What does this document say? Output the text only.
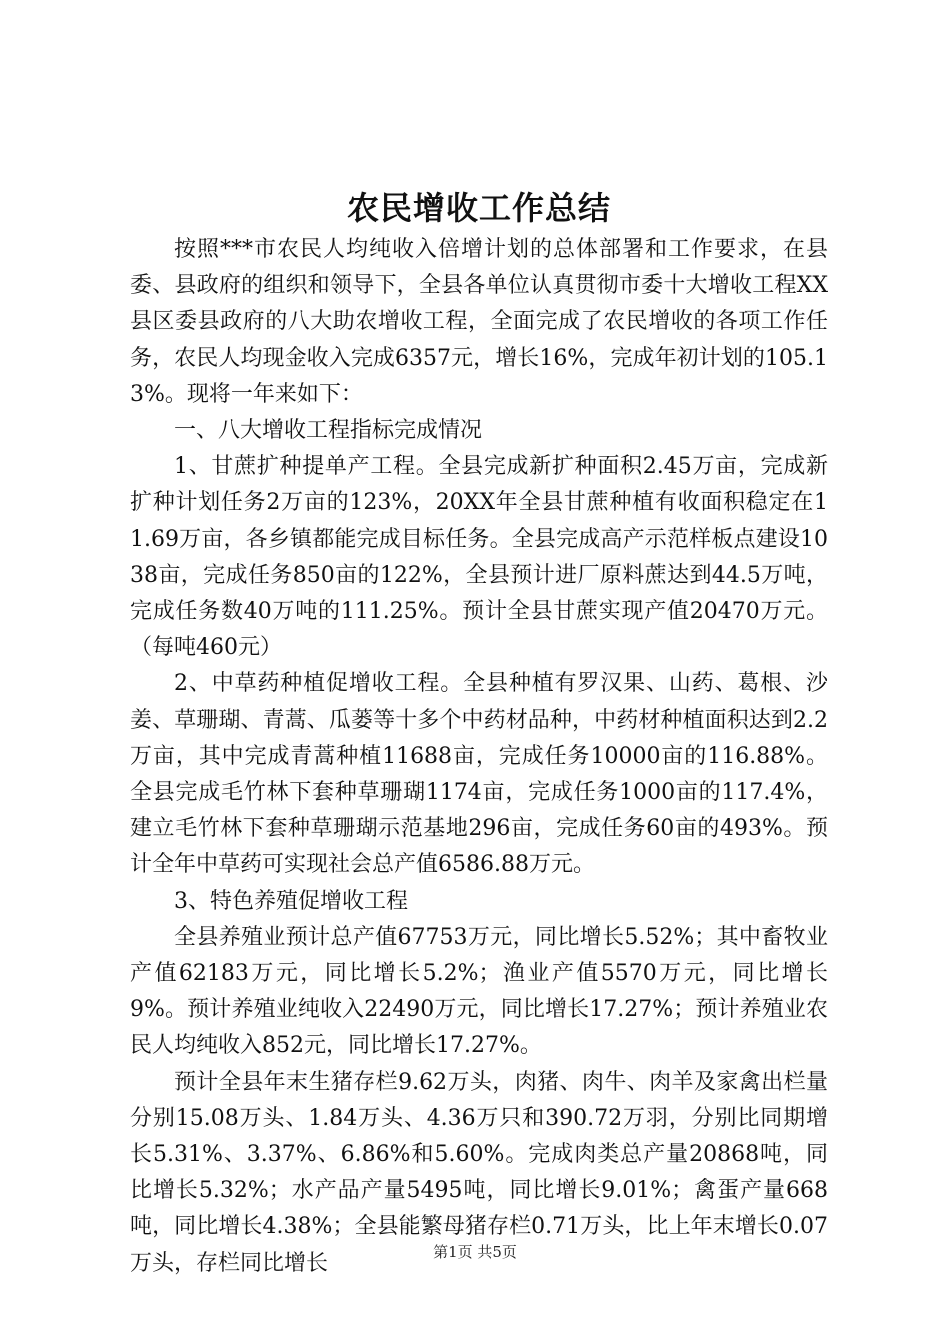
农民增收工作总结

按照***市农民人均纯收入倍增计划的总体部署和工作要求，在县委、县政府的组织和领导下，全县各单位认真贯彻市委十大增收工程XX县区委县政府的八大助农增收工程，全面完成了农民增收的各项工作任务，农民人均现金收入完成6357元，增长16%，完成年初计划的105.13%。现将一年来如下：

一、八大增收工程指标完成情况

1、甘蔗扩种提单产工程。全县完成新扩种面积2.45万亩，完成新扩种计划任务2万亩的123%，20XX年全县甘蔗种植有收面积稳定在11.69万亩，各乡镇都能完成目标任务。全县完成高产示范样板点建设1038亩，完成任务850亩的122%，全县预计进厂原料蔗达到44.5万吨，完成任务数40万吨的111.25%。预计全县甘蔗实现产值20470万元。（每吨460元）

2、中草药种植促增收工程。全县种植有罗汉果、山药、葛根、沙姜、草珊瑚、青蒿、瓜蒌等十多个中药材品种，中药材种植面积达到2.2万亩，其中完成青蒿种植11688亩，完成任务10000亩的116.88%。全县完成毛竹林下套种草珊瑚1174亩，完成任务1000亩的117.4%，建立毛竹林下套种草珊瑚示范基地296亩，完成任务60亩的493%。预计全年中草药可实现社会总产值6586.88万元。

3、特色养殖促增收工程

全县养殖业预计总产值67753万元，同比增长5.52%；其中畜牧业产值62183万元，同比增长5.2%；渔业产值5570万元，同比增长9%。预计养殖业纯收入22490万元，同比增长17.27%；预计养殖业农民人均纯收入852元，同比增长17.27%。

预计全县年末生猪存栏9.62万头，肉猪、肉牛、肉羊及家禽出栏量分别15.08万头、1.84万头、4.36万只和390.72万羽，分别比同期增长5.31%、3.37%、6.86%和5.60%。完成肉类总产量20868吨，同比增长5.32%；水产品产量5495吨，同比增长9.01%；禽蛋产量668吨，同比增长4.38%；全县能繁母猪存栏0.71万头，比上年末增长0.07万头，存栏同比增长	第1页 共5页
